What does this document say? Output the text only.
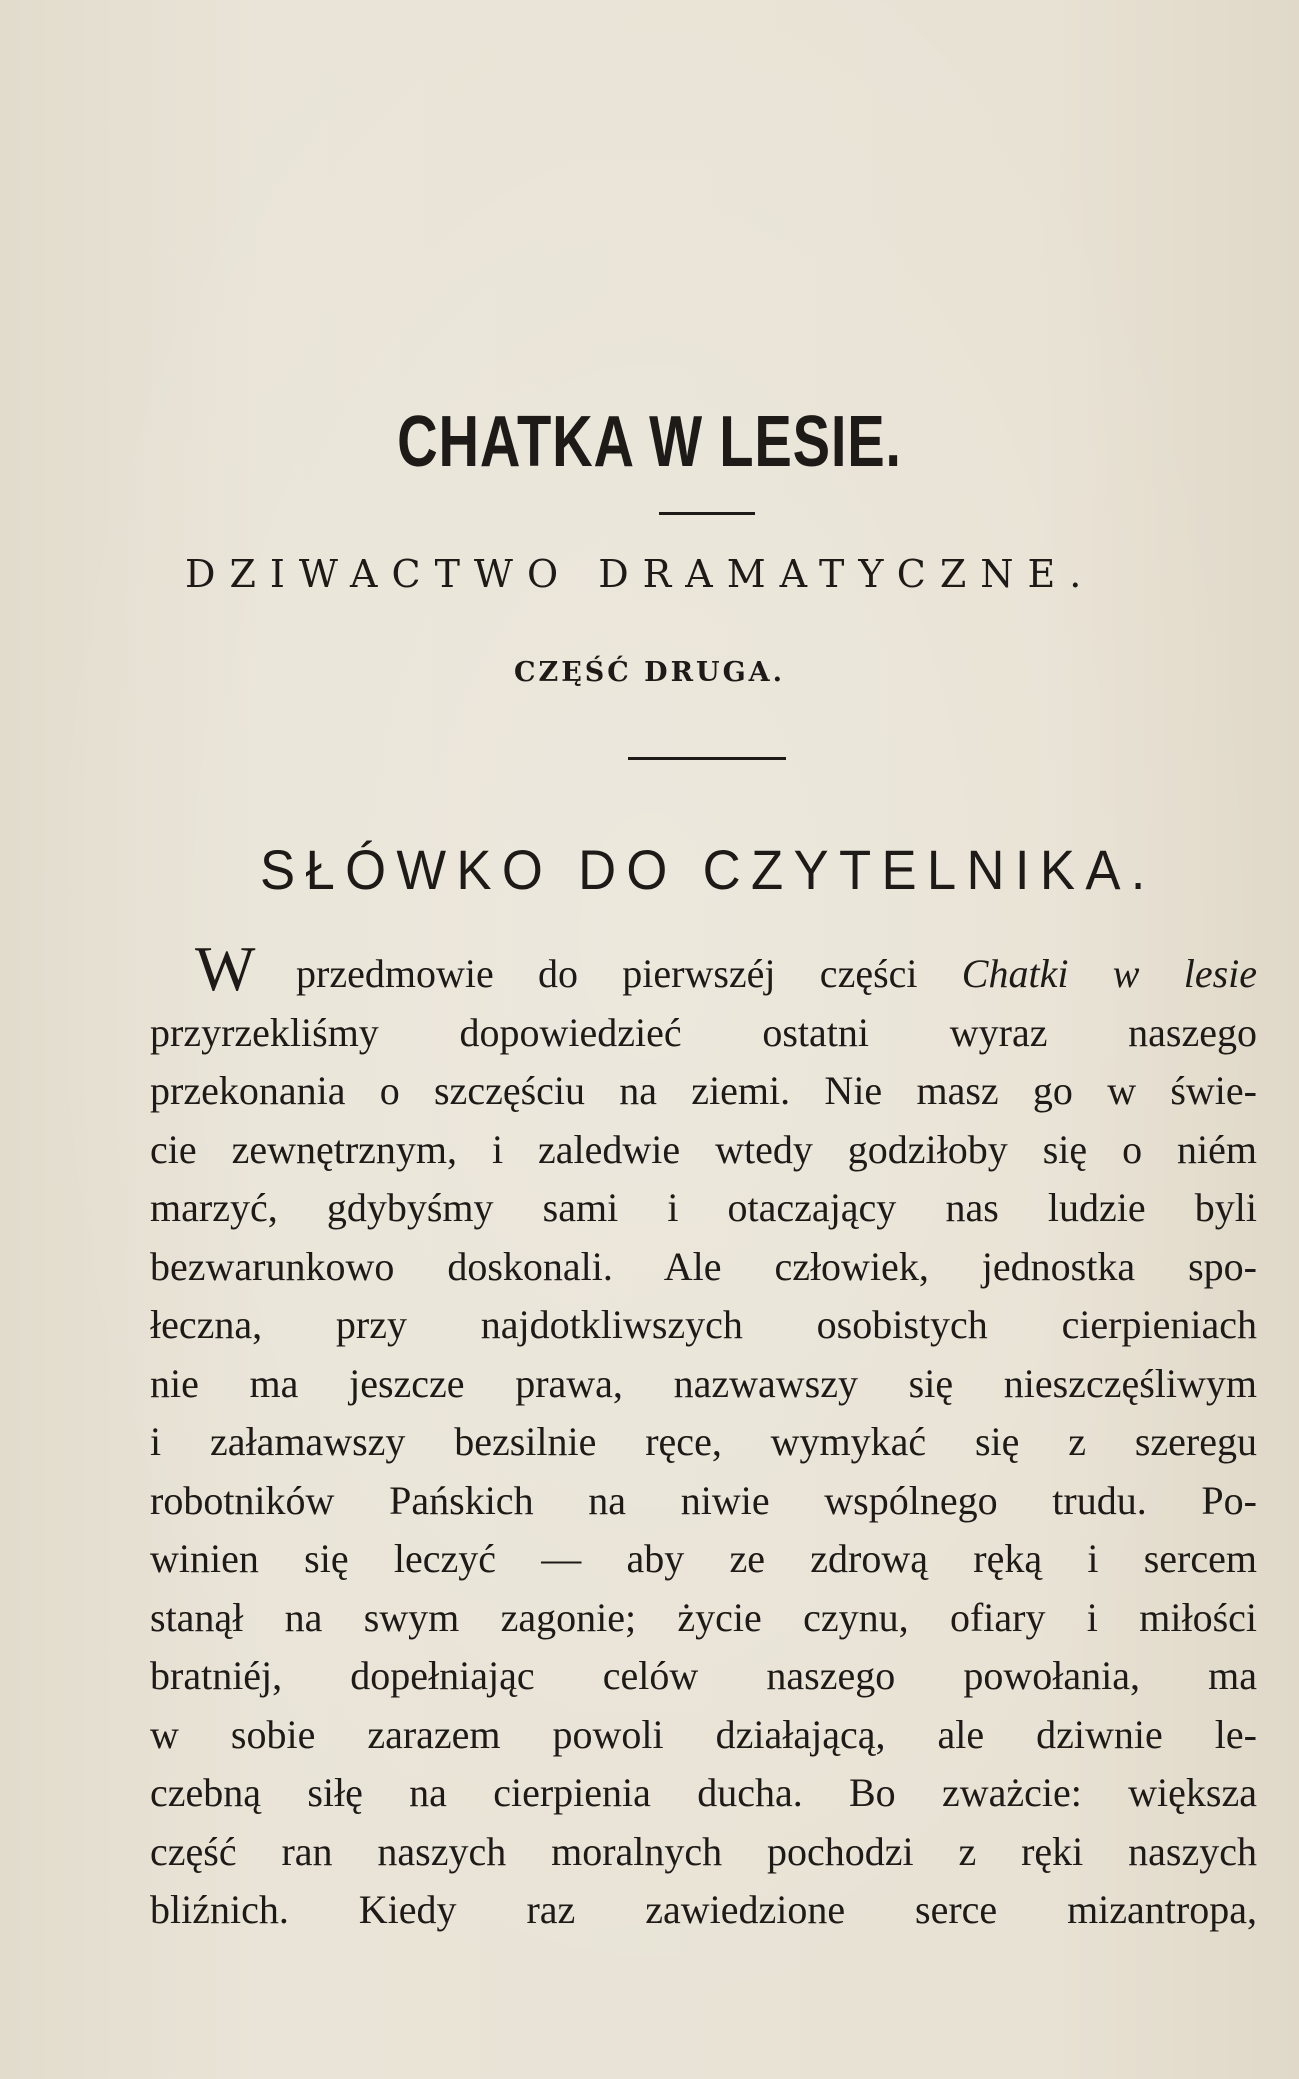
CHATKA W LESIE.
DZIWACTWO DRAMATYCZNE.
CZĘŚĆ DRUGA.
SŁÓWKO DO CZYTELNIKA.
W przedmowie do pierwszéj części Chatki w lesie
przyrzekliśmy dopowiedzieć ostatni wyraz naszego
przekonania o szczęściu na ziemi. Nie masz go w świe-
cie zewnętrznym, i zaledwie wtedy godziłoby się o niém
marzyć, gdybyśmy sami i otaczający nas ludzie byli
bezwarunkowo doskonali. Ale człowiek, jednostka spo-
łeczna, przy najdotkliwszych osobistych cierpieniach
nie ma jeszcze prawa, nazwawszy się nieszczęśliwym
i załamawszy bezsilnie ręce, wymykać się z szeregu
robotników Pańskich na niwie wspólnego trudu. Po-
winien się leczyć — aby ze zdrową ręką i sercem
stanął na swym zagonie; życie czynu, ofiary i miłości
bratniéj, dopełniając celów naszego powołania, ma
w sobie zarazem powoli działającą, ale dziwnie le-
czebną siłę na cierpienia ducha. Bo zważcie: większa
część ran naszych moralnych pochodzi z ręki naszych
bliźnich. Kiedy raz zawiedzione serce mizantropa,
